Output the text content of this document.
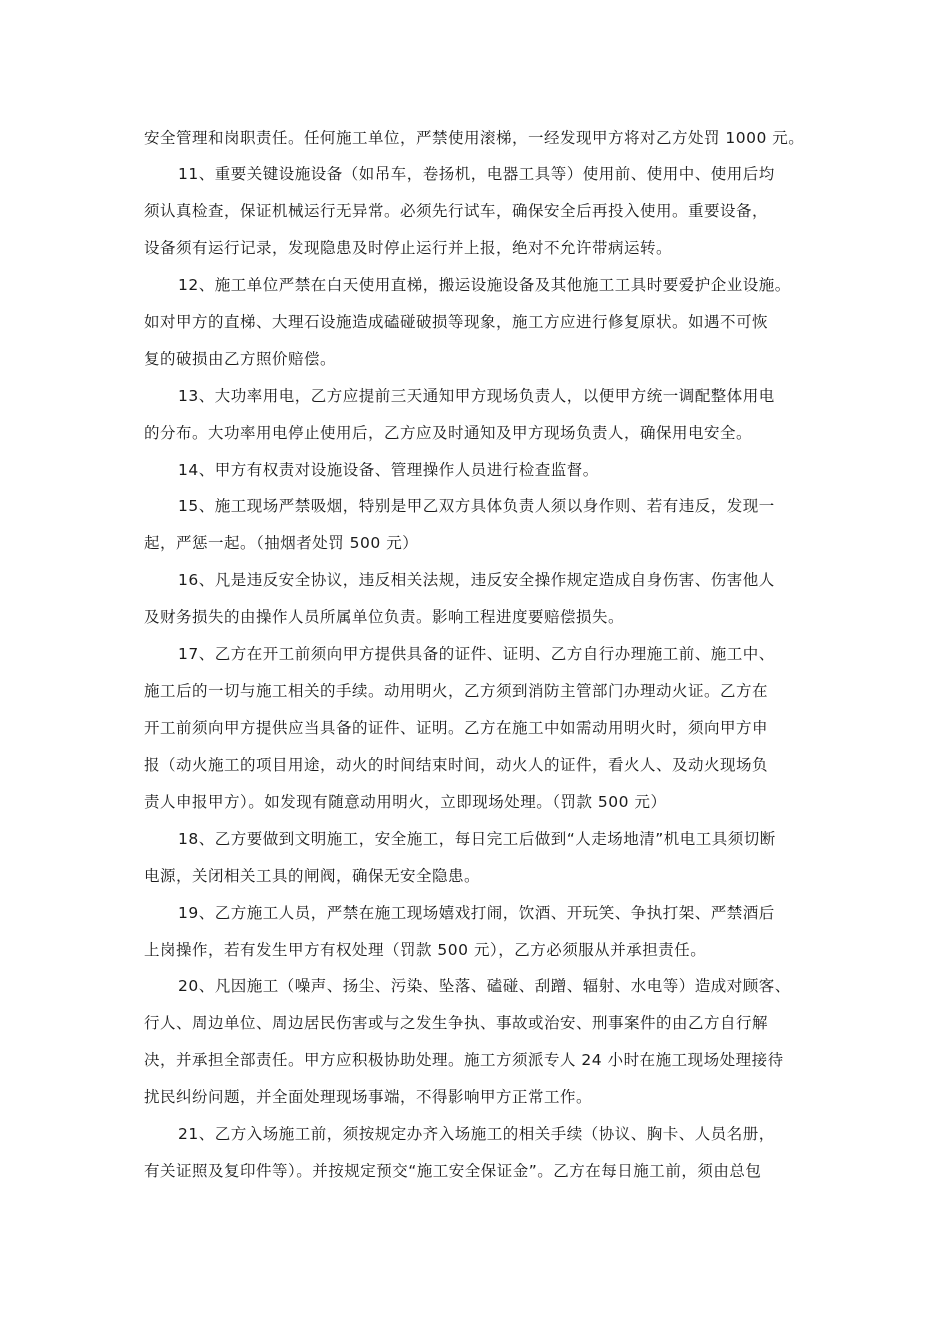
安全管理和岗职责任。任何施工单位，严禁使用滚梯，一经发现甲方将对乙方处罚 1000 元。
11、重要关键设施设备（如吊车，卷扬机，电器工具等）使用前、使用中、使用后均
须认真检查，保证机械运行无异常。必须先行试车，确保安全后再投入使用。重要设备，
设备须有运行记录，发现隐患及时停止运行并上报，绝对不允许带病运转。
12、施工单位严禁在白天使用直梯，搬运设施设备及其他施工工具时要爱护企业设施。
如对甲方的直梯、大理石设施造成磕碰破损等现象，施工方应进行修复原状。如遇不可恢
复的破损由乙方照价赔偿。
13、大功率用电，乙方应提前三天通知甲方现场负责人，以便甲方统一调配整体用电
的分布。大功率用电停止使用后，乙方应及时通知及甲方现场负责人，确保用电安全。
14、甲方有权责对设施设备、管理操作人员进行检查监督。
15、施工现场严禁吸烟，特别是甲乙双方具体负责人须以身作则、若有违反，发现一
起，严惩一起。（抽烟者处罚 500 元）
16、凡是违反安全协议，违反相关法规，违反安全操作规定造成自身伤害、伤害他人
及财务损失的由操作人员所属单位负责。影响工程进度要赔偿损失。
17、乙方在开工前须向甲方提供具备的证件、证明、乙方自行办理施工前、施工中、
施工后的一切与施工相关的手续。动用明火，乙方须到消防主管部门办理动火证。乙方在
开工前须向甲方提供应当具备的证件、证明。乙方在施工中如需动用明火时，须向甲方申
报（动火施工的项目用途，动火的时间结束时间，动火人的证件，看火人、及动火现场负
责人申报甲方）。如发现有随意动用明火，立即现场处理。（罚款 500 元）
18、乙方要做到文明施工，安全施工，每日完工后做到“人走场地清”机电工具须切断
电源，关闭相关工具的闸阀，确保无安全隐患。
19、乙方施工人员，严禁在施工现场嬉戏打闹，饮酒、开玩笑、争执打架、严禁酒后
上岗操作，若有发生甲方有权处理（罚款 500 元），乙方必须服从并承担责任。
20、凡因施工（噪声、扬尘、污染、坠落、磕碰、刮蹭、辐射、水电等）造成对顾客、
行人、周边单位、周边居民伤害或与之发生争执、事故或治安、刑事案件的由乙方自行解
决，并承担全部责任。甲方应积极协助处理。施工方须派专人 24 小时在施工现场处理接待
扰民纠纷问题，并全面处理现场事端，不得影响甲方正常工作。
21、乙方入场施工前，须按规定办齐入场施工的相关手续（协议、胸卡、人员名册，
有关证照及复印件等）。并按规定预交“施工安全保证金”。乙方在每日施工前，须由总包
